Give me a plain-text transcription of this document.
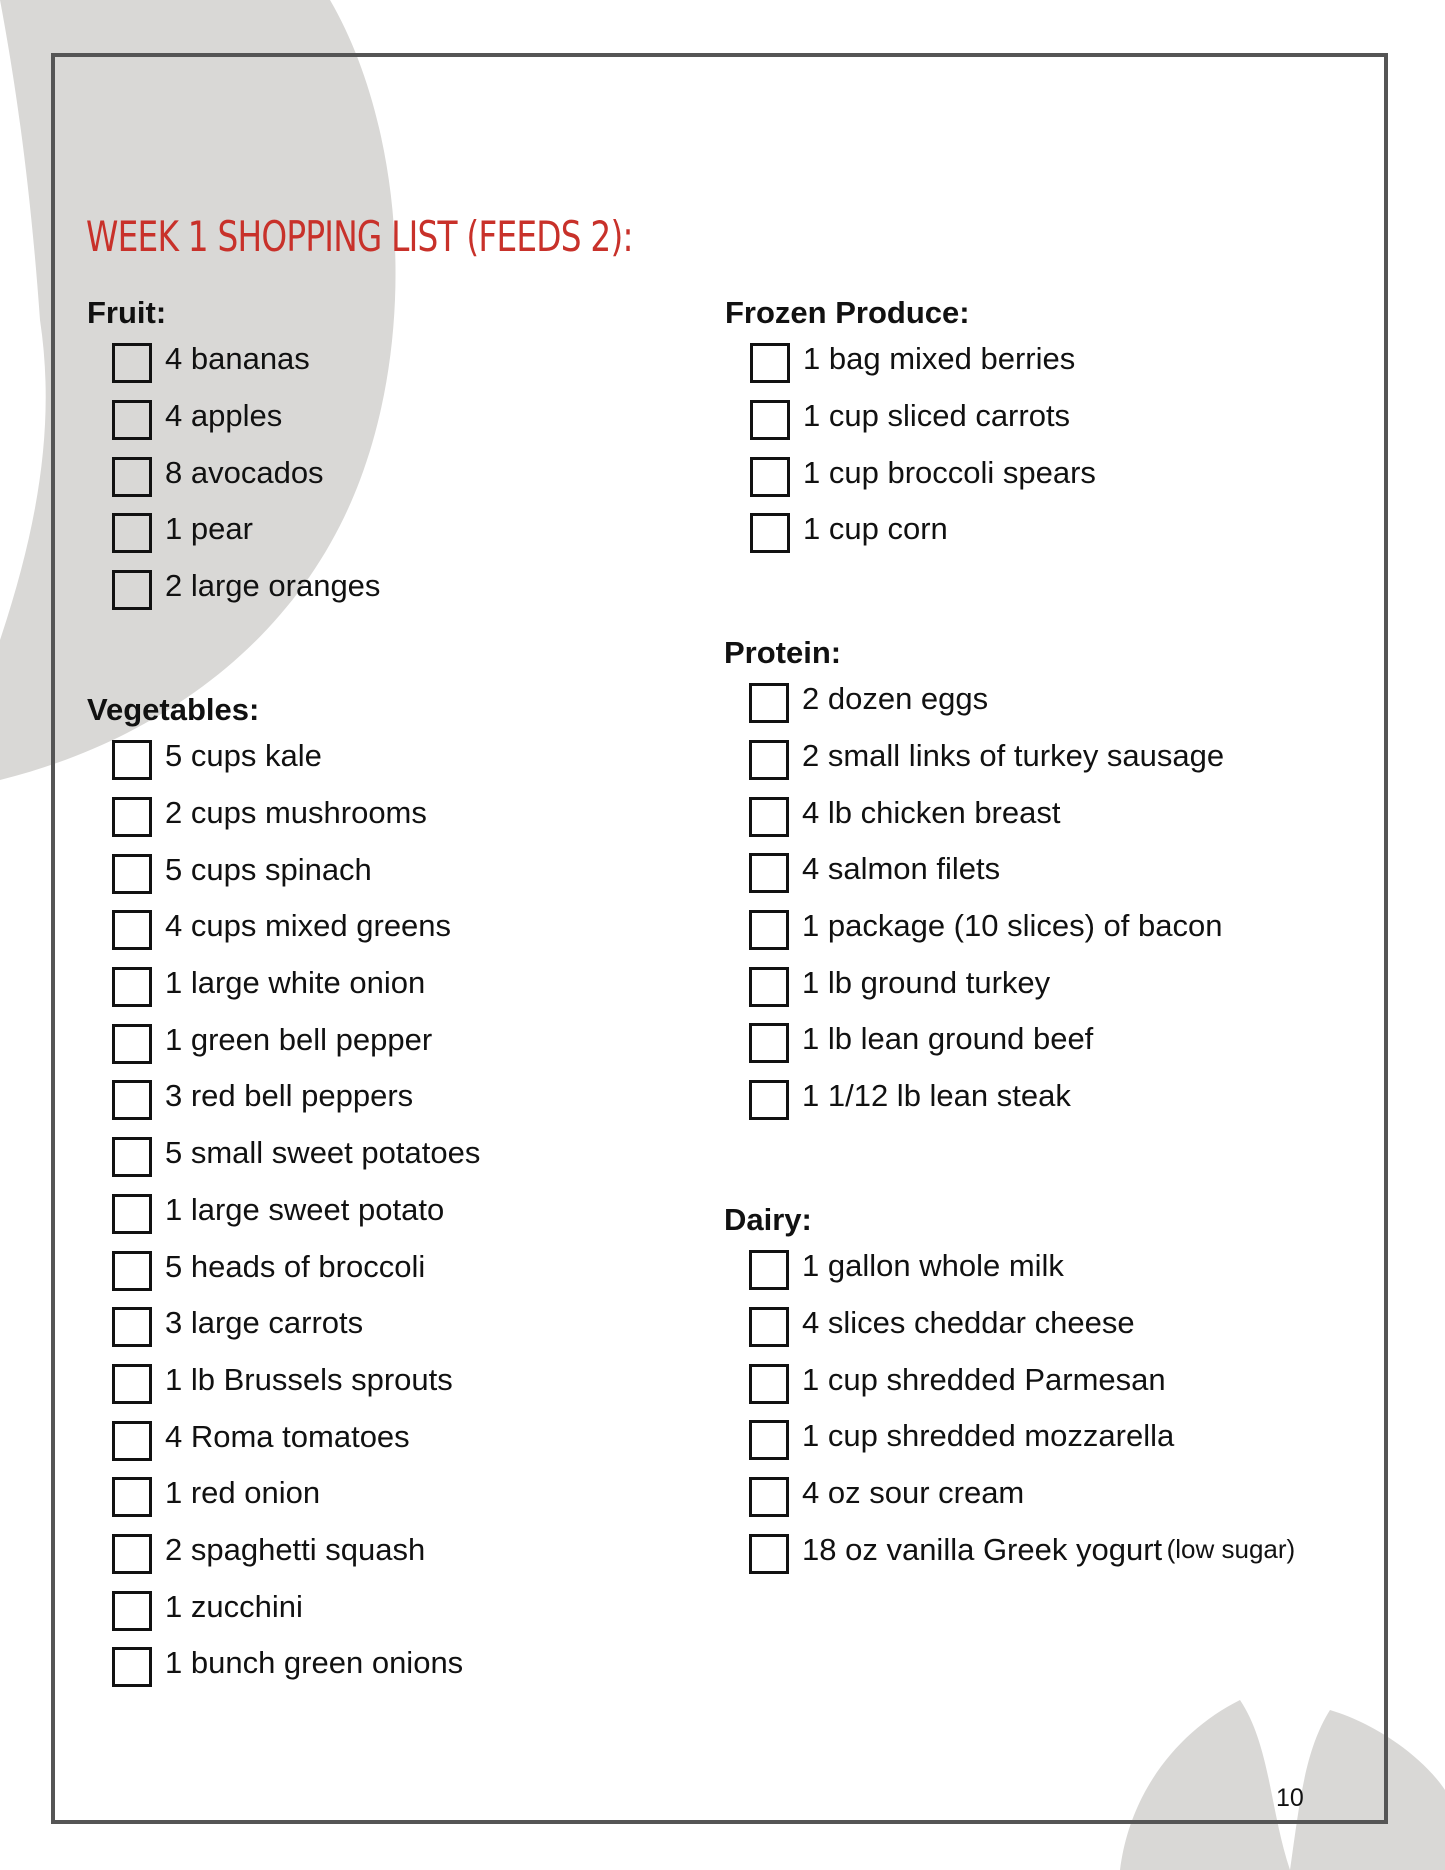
WEEK 1 SHOPPING LIST (FEEDS 2):
Fruit:
4 bananas
4 apples
8 avocados
1 pear
2 large oranges
Vegetables:
5 cups kale
2 cups mushrooms
5 cups spinach
4 cups mixed greens
1 large white onion
1 green bell pepper
3 red bell peppers
5 small sweet potatoes
1 large sweet potato
5 heads of broccoli
3 large carrots
1 lb Brussels sprouts
4 Roma tomatoes
1 red onion
2 spaghetti squash
1 zucchini
1 bunch green onions
Frozen Produce:
1 bag mixed berries
1 cup sliced carrots
1 cup broccoli spears
1 cup corn
Protein:
2 dozen eggs
2 small links of turkey sausage
4 lb chicken breast
4 salmon filets
1 package (10 slices) of bacon
1 lb ground turkey
1 lb lean ground beef
1 1/12 lb lean steak
Dairy:
1 gallon whole milk
4 slices cheddar cheese
1 cup shredded Parmesan
1 cup shredded mozzarella
4 oz sour cream
18 oz vanilla Greek yogurt
(low sugar)
10
